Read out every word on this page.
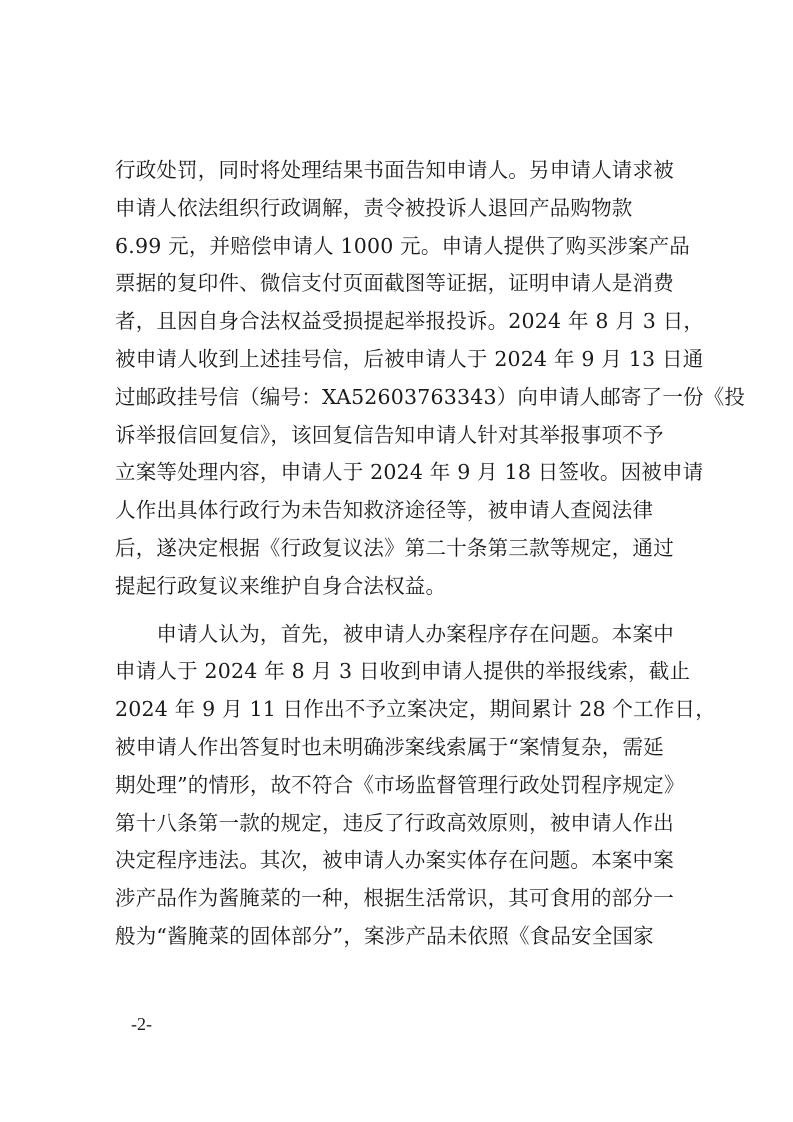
行政处罚，同时将处理结果书面告知申请人。另申请人请求被
申请人依法组织行政调解，责令被投诉人退回产品购物款
6.99 元，并赔偿申请人 1000 元。申请人提供了购买涉案产品
票据的复印件、微信支付页面截图等证据，证明申请人是消费
者，且因自身合法权益受损提起举报投诉。2024 年 8 月 3 日，
被申请人收到上述挂号信，后被申请人于 2024 年 9 月 13 日通
过邮政挂号信（编号：XA52603763343）向申请人邮寄了一份《投
诉举报信回复信》，该回复信告知申请人针对其举报事项不予
立案等处理内容，申请人于 2024 年 9 月 18 日签收。因被申请
人作出具体行政行为未告知救济途径等，被申请人查阅法律
后，遂决定根据《行政复议法》第二十条第三款等规定，通过
提起行政复议来维护自身合法权益。
　　申请人认为，首先，被申请人办案程序存在问题。本案中
申请人于 2024 年 8 月 3 日收到申请人提供的举报线索，截止
2024 年 9 月 11 日作出不予立案决定，期间累计 28 个工作日，
被申请人作出答复时也未明确涉案线索属于“案情复杂，需延
期处理”的情形，故不符合《市场监督管理行政处罚程序规定》
第十八条第一款的规定，违反了行政高效原则，被申请人作出
决定程序违法。其次，被申请人办案实体存在问题。本案中案
涉产品作为酱腌菜的一种，根据生活常识，其可食用的部分一
般为“酱腌菜的固体部分”，案涉产品未依照《食品安全国家
-2-
